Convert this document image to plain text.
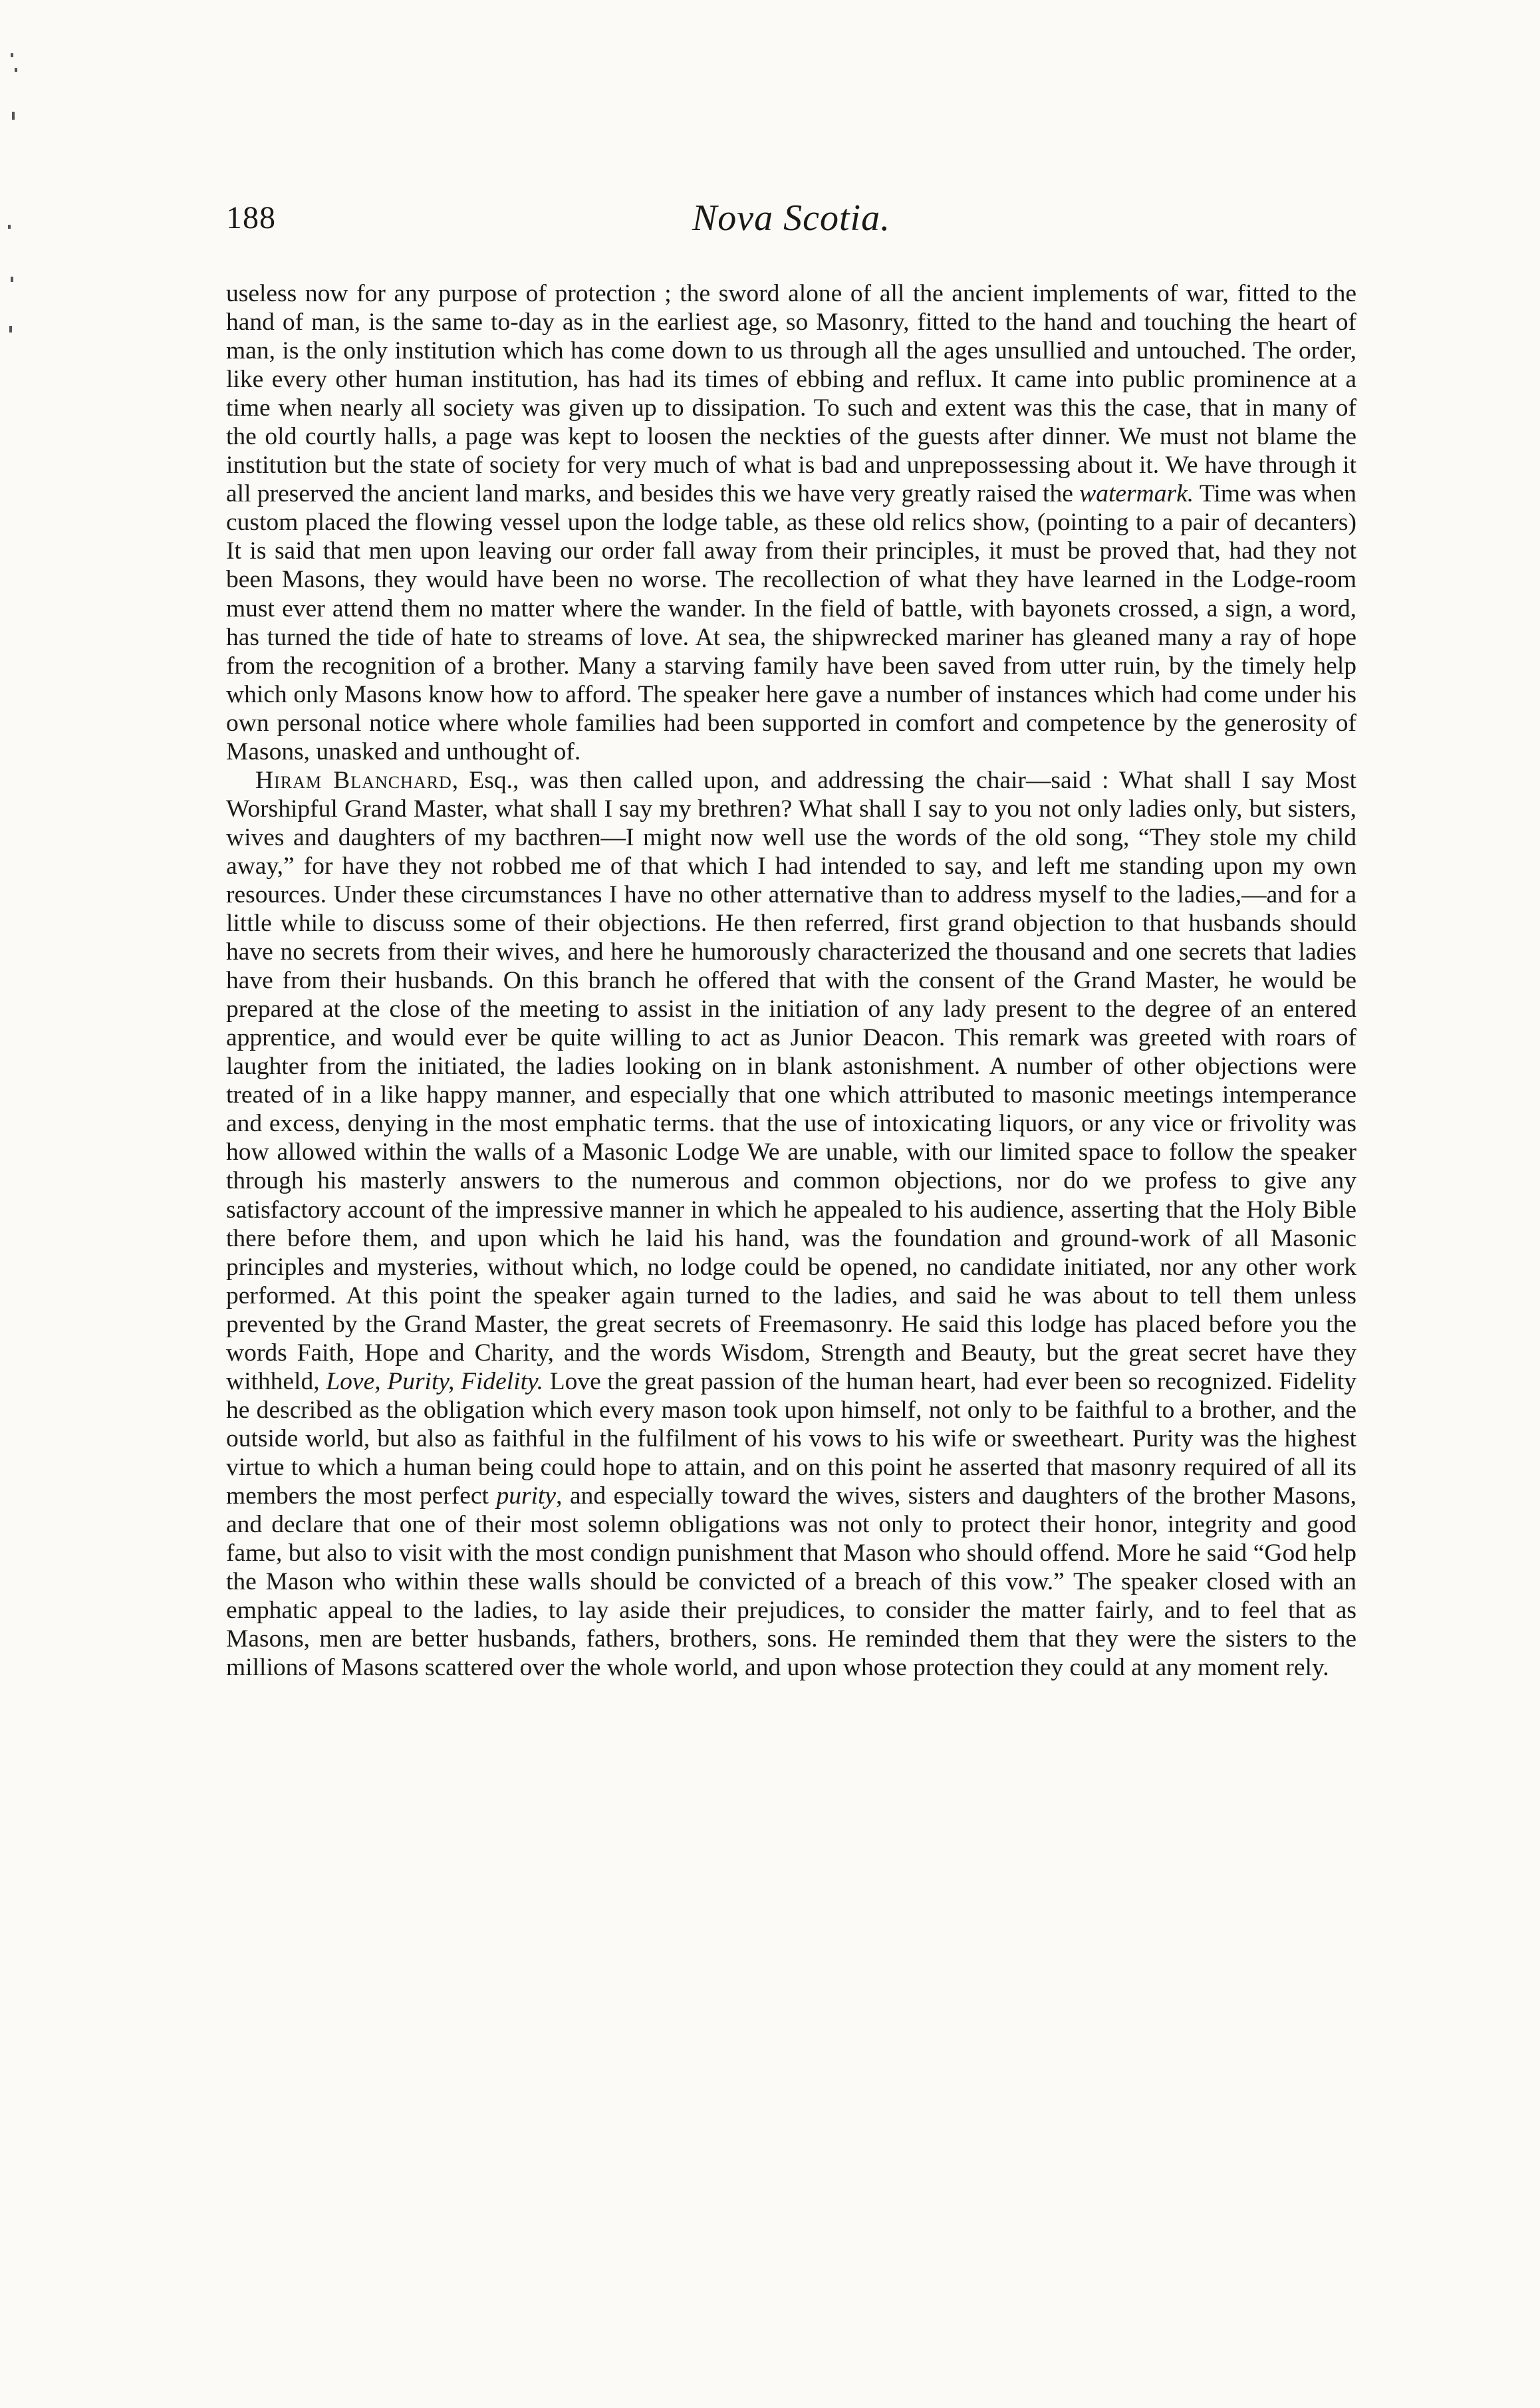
188	Nova Scotia.

useless now for any purpose of protection ; the sword alone of all the ancient implements of war, fitted to the hand of man, is the same to-day as in the earliest age, so Masonry, fitted to the hand and touching the heart of man, is the only institution which has come down to us through all the ages unsullied and untouched. The order, like every other human institution, has had its times of ebbing and reflux. It came into public prominence at a time when nearly all society was given up to dissipation. To such and extent was this the case, that in many of the old courtly halls, a page was kept to loosen the neckties of the guests after dinner. We must not blame the institution but the state of society for very much of what is bad and unprepossessing about it. We have through it all preserved the ancient land marks, and besides this we have very greatly raised the watermark. Time was when custom placed the flowing vessel upon the lodge table, as these old relics show, (pointing to a pair of decanters) It is said that men upon leaving our order fall away from their principles, it must be proved that, had they not been Masons, they would have been no worse. The recollection of what they have learned in the Lodge-room must ever attend them no matter where the wander. In the field of battle, with bayonets crossed, a sign, a word, has turned the tide of hate to streams of love. At sea, the shipwrecked mariner has gleaned many a ray of hope from the recognition of a brother. Many a starving family have been saved from utter ruin, by the timely help which only Masons know how to afford. The speaker here gave a number of instances which had come under his own personal notice where whole families had been supported in comfort and competence by the generosity of Masons, unasked and unthought of.

Hiram Blanchard, Esq., was then called upon, and addressing the chair—said : What shall I say Most Worshipful Grand Master, what shall I say my brethren? What shall I say to you not only ladies only, but sisters, wives and daughters of my bacthren—I might now well use the words of the old song, “They stole my child away,” for have they not robbed me of that which I had intended to say, and left me standing upon my own resources. Under these circumstances I have no other atternative than to address myself to the ladies,—and for a little while to discuss some of their objections. He then referred, first grand objection to that husbands should have no secrets from their wives, and here he humorously characterized the thousand and one secrets that ladies have from their husbands. On this branch he offered that with the consent of the Grand Master, he would be prepared at the close of the meeting to assist in the initiation of any lady present to the degree of an entered apprentice, and would ever be quite willing to act as Junior Deacon. This remark was greeted with roars of laughter from the initiated, the ladies looking on in blank astonishment. A number of other objections were treated of in a like happy manner, and especially that one which attributed to masonic meetings intemperance and excess, denying in the most emphatic terms. that the use of intoxicating liquors, or any vice or frivolity was how allowed within the walls of a Masonic Lodge We are unable, with our limited space to follow the speaker through his masterly answers to the numerous and common objections, nor do we profess to give any satisfactory account of the impressive manner in which he appealed to his audience, asserting that the Holy Bible there before them, and upon which he laid his hand, was the foundation and ground-work of all Masonic principles and mysteries, without which, no lodge could be opened, no candidate initiated, nor any other work performed. At this point the speaker again turned to the ladies, and said he was about to tell them unless prevented by the Grand Master, the great secrets of Freemasonry. He said this lodge has placed before you the words Faith, Hope and Charity, and the words Wisdom, Strength and Beauty, but the great secret have they withheld, Love, Purity, Fidelity. Love the great passion of the human heart, had ever been so recognized. Fidelity he described as the obligation which every mason took upon himself, not only to be faithful to a brother, and the outside world, but also as faithful in the fulfilment of his vows to his wife or sweetheart. Purity was the highest virtue to which a human being could hope to attain, and on this point he asserted that masonry required of all its members the most perfect purity, and especially toward the wives, sisters and daughters of the brother Masons, and declare that one of their most solemn obligations was not only to protect their honor, integrity and good fame, but also to visit with the most condign punishment that Mason who should offend. More he said “God help the Mason who within these walls should be convicted of a breach of this vow.” The speaker closed with an emphatic appeal to the ladies, to lay aside their prejudices, to consider the matter fairly, and to feel that as Masons, men are better husbands, fathers, brothers, sons. He reminded them that they were the sisters to the millions of Masons scattered over the whole world, and upon whose protection they could at any moment rely.
